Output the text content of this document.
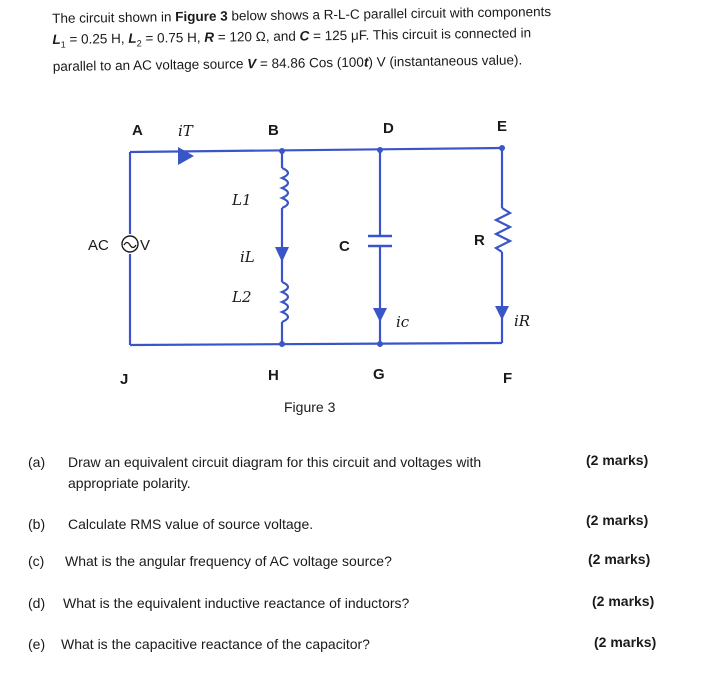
The circuit shown in Figure 3 below shows a R-L-C parallel circuit with components
$L_1 = 0.25$ H, $L_2 = 0.75$ H, R = 120 Ω, and C = 125 μF. This circuit is connected in
parallel to an AC voltage source V = 84.86 Cos (100t) V (instantaneous value).
A	B	D	E
J	H	G	F
AC V
iT
L1
iL
L2
ic	iR
C	R
Figure 3
(a) Draw an equivalent circuit diagram for this circuit and voltages with
appropriate polarity.
(2 marks)
(b) Calculate RMS value of source voltage.	(2 marks)
(c) What is the angular frequency of AC voltage source?	(2 marks)
(d) What is the equivalent inductive reactance of inductors?	(2 marks)
(e) What is the capacitive reactance of the capacitor?	(2 marks)
